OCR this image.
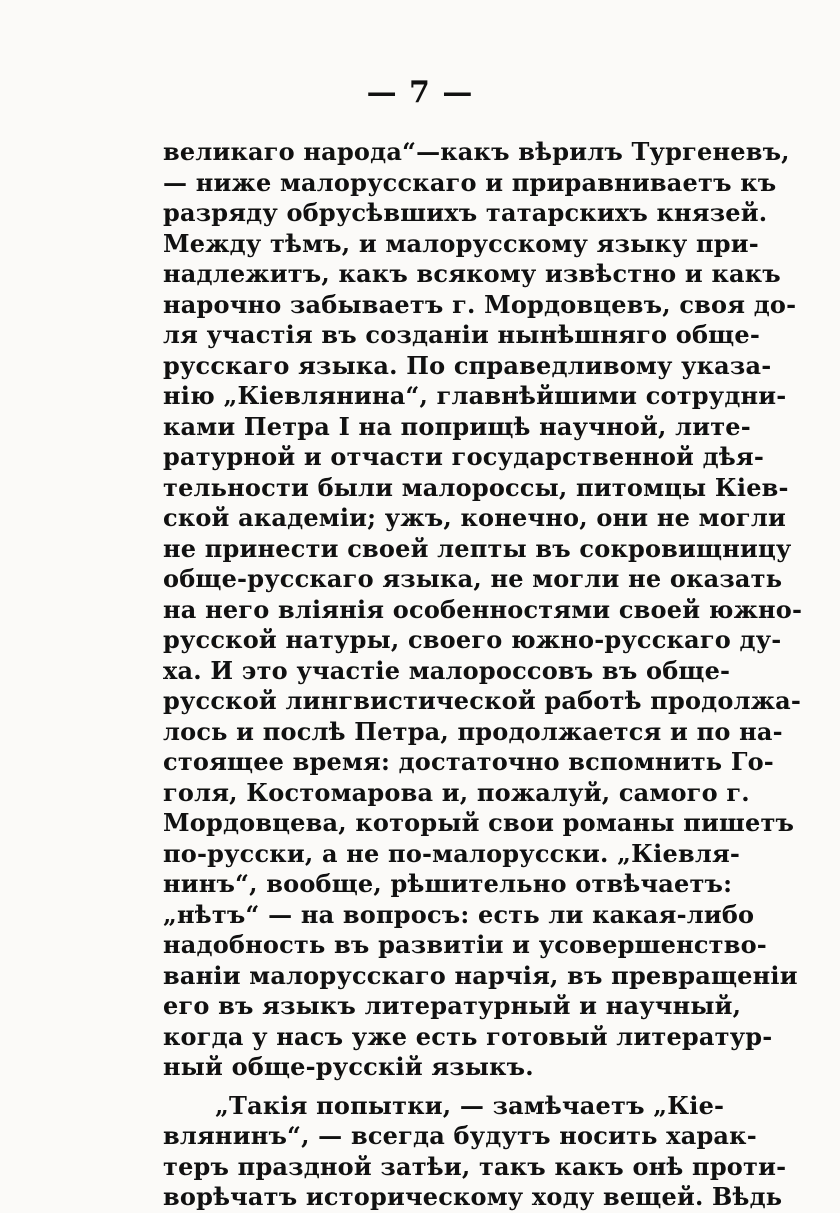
— 7 —
великаго народа“—какъ вѣрилъ Тургеневъ,
— ниже малорусскаго и приравниваетъ къ
разряду обрусѣвшихъ татарскихъ князей.
Между тѣмъ, и малорусскому языку при-
надлежитъ, какъ всякому извѣстно и какъ
нарочно забываетъ г. Мордовцевъ, своя до-
ля участія въ созданіи нынѣшняго обще-
русскаго языка. По справедливому указа-
нію „Кіевлянина“, главнѣйшими сотрудни-
ками Петра I на поприщѣ научной, лите-
ратурной и отчасти государственной дѣя-
тельности были малороссы, питомцы Кіев-
ской академіи; ужъ, конечно, они не могли
не принести своей лепты въ сокровищницу
обще-русскаго языка, не могли не оказать
на него вліянія особенностями своей южно-
русской натуры, своего южно-русскаго ду-
ха. И это участіе малороссовъ въ обще-
русской лингвистической работѣ продолжа-
лось и послѣ Петра, продолжается и по на-
стоящее время: достаточно вспомнить Го-
голя, Костомарова и, пожалуй, самого г.
Мордовцева, который свои романы пишетъ
по-русски, а не по-малорусски. „Кіевля-
нинъ“, вообще, рѣшительно отвѣчаетъ:
„нѣтъ“ — на вопросъ: есть ли какая-либо
надобность въ развитіи и усовершенство-
ваніи малорусскаго нарчія, въ превращеніи
его въ языкъ литературный и научный,
когда у насъ уже есть готовый литератур-
ный обще-русскій языкъ.
„Такія попытки, — замѣчаетъ „Кіе-
влянинъ“, — всегда будутъ носить харак-
теръ праздной затѣи, такъ какъ онѣ проти-
ворѣчатъ историческому ходу вещей. Вѣдь
